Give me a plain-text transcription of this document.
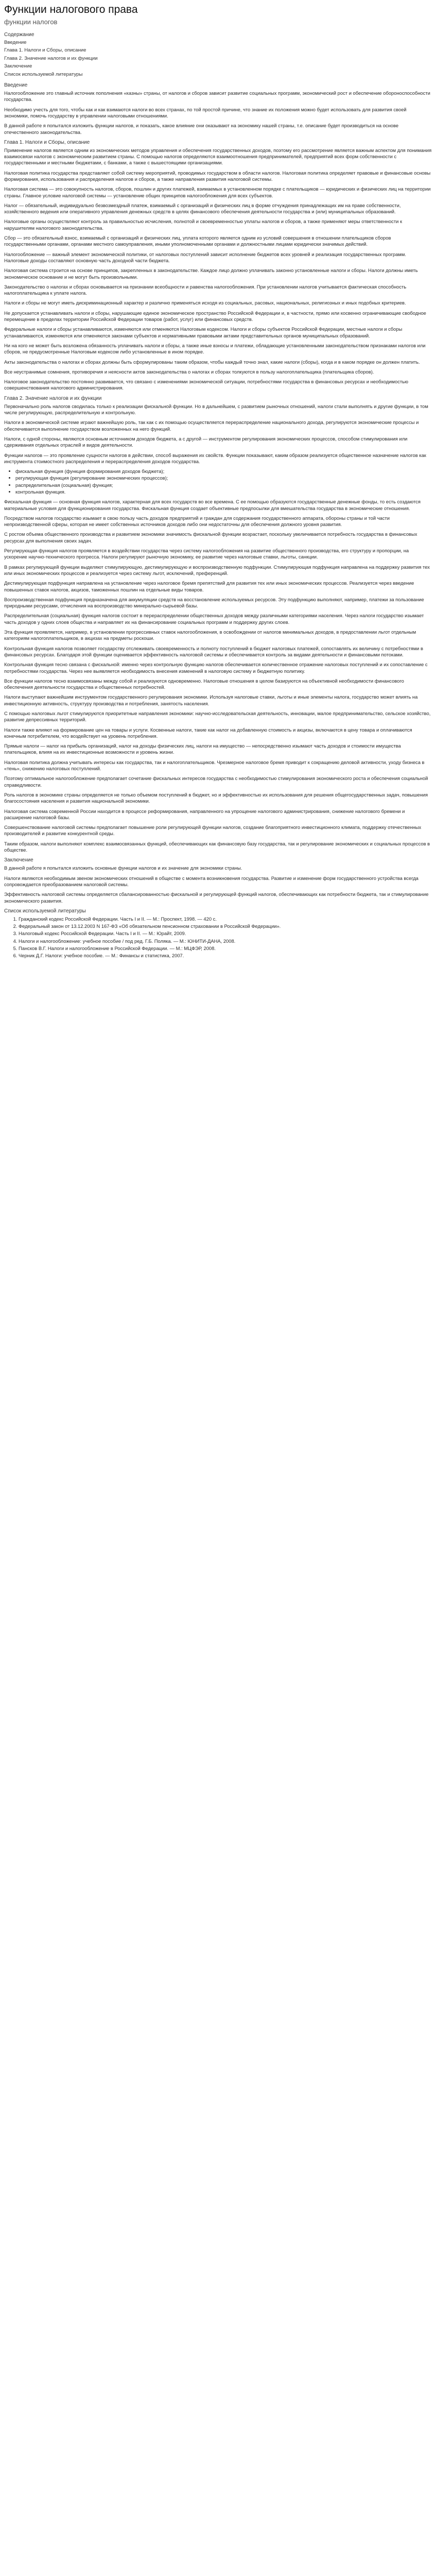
Функции налогового права
функции налогов
Содержание
Введение
Глава 1. Налоги и Сборы, описание
Глава 2. Значение налогов и их функции
Заключение
Список используемой литературы
Введение

Налогообложение это главный источник пополнения «казны» страны, от налогов и сборов зависит развитие социальных программ, экономический рост и обеспечение обороноспособности государства.

Необходимо учесть для того, чтобы как и как взимаются налоги во всех странах, по той простой причине, что знание их положения можно будет использовать для развития своей экономики, помочь государству в управлении налоговыми отношениями.

В данной работе я попытался изложить функции налогов, и показать, какое влияние они оказывают на экономику нашей страны, т.е. описание будет производиться на основе отечественного законодательства.

Глава 1. Налоги и Сборы, описание

Применение налогов является одним из экономических методов управления и обеспечения государственных доходов, поэтому его рассмотрение является важным аспектом для понимания взаимосвязи налогов с экономическим развитием страны. С помощью налогов определяются взаимоотношения предпринимателей, предприятий всех форм собственности с государственными и местными бюджетами, с банками, а также с вышестоящими организациями.

Налоговая политика государства представляет собой систему мероприятий, проводимых государством в области налогов. Налоговая политика определяет правовые и финансовые основы формирования, использования и распределения налогов и сборов, а также направления развития налоговой системы.

Налоговая система — это совокупность налогов, сборов, пошлин и других платежей, взимаемых в установленном порядке с плательщиков — юридических и физических лиц на территории страны. Главное условие налоговой системы — установление общих принципов налогообложения для всех субъектов.

Налог — обязательный, индивидуально безвозмездный платеж, взимаемый с организаций и физических лиц в форме отчуждения принадлежащих им на праве собственности, хозяйственного ведения или оперативного управления денежных средств в целях финансового обеспечения деятельности государства и (или) муниципальных образований.

Налоговые органы осуществляют контроль за правильностью исчисления, полнотой и своевременностью уплаты налогов и сборов, а также применяют меры ответственности к нарушителям налогового законодательства.

Сбор — это обязательный взнос, взимаемый с организаций и физических лиц, уплата которого является одним из условий совершения в отношении плательщиков сборов государственными органами, органами местного самоуправления, иными уполномоченными органами и должностными лицами юридически значимых действий.

Налогообложение — важный элемент экономической политики, от налоговых поступлений зависит исполнение бюджетов всех уровней и реализация государственных программ. Налоговые доходы составляют основную часть доходной части бюджета.

Налоговая система строится на основе принципов, закрепленных в законодательстве. Каждое лицо должно уплачивать законно установленные налоги и сборы. Налоги должны иметь экономическое основание и не могут быть произвольными.

Законодательство о налогах и сборах основывается на признании всеобщности и равенства налогообложения. При установлении налогов учитывается фактическая способность налогоплательщика к уплате налога.

Налоги и сборы не могут иметь дискриминационный характер и различно применяться исходя из социальных, расовых, национальных, религиозных и иных подобных критериев.

Не допускается устанавливать налоги и сборы, нарушающие единое экономическое пространство Российской Федерации и, в частности, прямо или косвенно ограничивающие свободное перемещение в пределах территории Российской Федерации товаров (работ, услуг) или финансовых средств.

Федеральные налоги и сборы устанавливаются, изменяются или отменяются Налоговым кодексом. Налоги и сборы субъектов Российской Федерации, местные налоги и сборы устанавливаются, изменяются или отменяются законами субъектов и нормативными правовыми актами представительных органов муниципальных образований.

Ни на кого не может быть возложена обязанность уплачивать налоги и сборы, а также иные взносы и платежи, обладающие установленными законодательством признаками налогов или сборов, не предусмотренные Налоговым кодексом либо установленные в ином порядке.

Акты законодательства о налогах и сборах должны быть сформулированы таким образом, чтобы каждый точно знал, какие налоги (сборы), когда и в каком порядке он должен платить.

Все неустранимые сомнения, противоречия и неясности актов законодательства о налогах и сборах толкуются в пользу налогоплательщика (плательщика сборов).

Налоговое законодательство постоянно развивается, что связано с изменениями экономической ситуации, потребностями государства в финансовых ресурсах и необходимостью совершенствования налогового администрирования.

Глава 2. Значение налогов и их функции

Первоначально роль налогов сводилась только к реализации фискальной функции. Но в дальнейшем, с развитием рыночных отношений, налоги стали выполнять и другие функции, в том числе регулирующую, распределительную и контрольную.

Налоги в экономической системе играют важнейшую роль, так как с их помощью осуществляется перераспределение национального дохода, регулируются экономические процессы и обеспечивается выполнение государством возложенных на него функций.

Налоги, с одной стороны, являются основным источником доходов бюджета, а с другой — инструментом регулирования экономических процессов, способом стимулирования или сдерживания отдельных отраслей и видов деятельности.

Функции налогов — это проявление сущности налогов в действии, способ выражения их свойств. Функции показывают, каким образом реализуется общественное назначение налогов как инструмента стоимостного распределения и перераспределения доходов государства.

• фискальная функция (функция формирования доходов бюджета);
• регулирующая функция (регулирование экономических процессов);
• распределительная (социальная) функция;
• контрольная функция.

Фискальная функция — основная функция налогов, характерная для всех государств во все времена. С ее помощью образуются государственные денежные фонды, то есть создаются материальные условия для функционирования государства. Фискальная функция создает объективные предпосылки для вмешательства государства в экономические отношения.

Посредством налогов государство изымает в свою пользу часть доходов предприятий и граждан для содержания государственного аппарата, обороны страны и той части непроизводственной сферы, которая не имеет собственных источников доходов либо они недостаточны для обеспечения должного уровня развития.

С ростом объема общественного производства и развитием экономики значимость фискальной функции возрастает, поскольку увеличивается потребность государства в финансовых ресурсах для выполнения своих задач.

Регулирующая функция налогов проявляется в воздействии государства через систему налогообложения на развитие общественного производства, его структуру и пропорции, на ускорение научно-технического прогресса. Налоги регулируют рыночную экономику, ее развитие через налоговые ставки, льготы, санкции.

В рамках регулирующей функции выделяют стимулирующую, дестимулирующую и воспроизводственную подфункции. Стимулирующая подфункция направлена на поддержку развития тех или иных экономических процессов и реализуется через систему льгот, исключений, преференций.

Дестимулирующая подфункция направлена на установление через налоговое бремя препятствий для развития тех или иных экономических процессов. Реализуется через введение повышенных ставок налогов, акцизов, таможенных пошлин на отдельные виды товаров.

Воспроизводственная подфункция предназначена для аккумуляции средств на восстановление используемых ресурсов. Эту подфункцию выполняют, например, платежи за пользование природными ресурсами, отчисления на воспроизводство минерально-сырьевой базы.

Распределительная (социальная) функция налогов состоит в перераспределении общественных доходов между различными категориями населения. Через налоги государство изымает часть доходов у одних слоев общества и направляет их на финансирование социальных программ и поддержку других слоев.

Эта функция проявляется, например, в установлении прогрессивных ставок налогообложения, в освобождении от налогов минимальных доходов, в предоставлении льгот отдельным категориям налогоплательщиков, в акцизах на предметы роскоши.

Контрольная функция налогов позволяет государству отслеживать своевременность и полноту поступлений в бюджет налоговых платежей, сопоставлять их величину с потребностями в финансовых ресурсах. Благодаря этой функции оценивается эффективность налоговой системы и обеспечивается контроль за видами деятельности и финансовыми потоками.

Контрольная функция тесно связана с фискальной: именно через контрольную функцию налогов обеспечивается количественное отражение налоговых поступлений и их сопоставление с потребностями государства. Через нее выявляется необходимость внесения изменений в налоговую систему и бюджетную политику.

Все функции налогов тесно взаимосвязаны между собой и реализуются одновременно. Налоговые отношения в целом базируются на объективной необходимости финансового обеспечения деятельности государства и общественных потребностей.

Налоги выступают важнейшим инструментом государственного регулирования экономики. Используя налоговые ставки, льготы и иные элементы налога, государство может влиять на инвестиционную активность, структуру производства и потребления, занятость населения.

С помощью налоговых льгот стимулируются приоритетные направления экономики: научно-исследовательская деятельность, инновации, малое предпринимательство, сельское хозяйство, развитие депрессивных территорий.

Налоги также влияют на формирование цен на товары и услуги. Косвенные налоги, такие как налог на добавленную стоимость и акцизы, включаются в цену товара и оплачиваются конечным потребителем, что воздействует на уровень потребления.

Прямые налоги — налог на прибыль организаций, налог на доходы физических лиц, налоги на имущество — непосредственно изымают часть доходов и стоимости имущества плательщиков, влияя на их инвестиционные возможности и уровень жизни.

Налоговая политика должна учитывать интересы как государства, так и налогоплательщиков. Чрезмерное налоговое бремя приводит к сокращению деловой активности, уходу бизнеса в «тень», снижению налоговых поступлений.

Поэтому оптимальное налогообложение предполагает сочетание фискальных интересов государства с необходимостью стимулирования экономического роста и обеспечения социальной справедливости.

Роль налогов в экономике страны определяется не только объемом поступлений в бюджет, но и эффективностью их использования для решения общегосударственных задач, повышения благосостояния населения и развития национальной экономики.

Налоговая система современной России находится в процессе реформирования, направленного на упрощение налогового администрирования, снижение налогового бремени и расширение налоговой базы.

Совершенствование налоговой системы предполагает повышение роли регулирующей функции налогов, создание благоприятного инвестиционного климата, поддержку отечественных производителей и развитие конкурентной среды.

Таким образом, налоги выполняют комплекс взаимосвязанных функций, обеспечивающих как финансовую базу государства, так и регулирование экономических и социальных процессов в обществе.

Заключение

В данной работе я попытался изложить основные функции налогов и их значение для экономики страны.

Налоги являются необходимым звеном экономических отношений в обществе с момента возникновения государства. Развитие и изменение форм государственного устройства всегда сопровождается преобразованием налоговой системы.

Эффективность налоговой системы определяется сбалансированностью фискальной и регулирующей функций налогов, обеспечивающих как потребности бюджета, так и стимулирование экономического развития.

Список используемой литературы
1. Гражданский кодекс Российской Федерации. Часть I и II. — М.: Проспект, 1998. — 420 с.
2. Федеральный закон от 13.12.2003 N 167-ФЗ «Об обязательном пенсионном страховании в Российской Федерации».
3. Налоговый кодекс Российской Федерации. Часть I и II. — М.: Юрайт, 2009.
4. Налоги и налогообложение: учебное пособие / под ред. Г.Б. Поляка. — М.: ЮНИТИ-ДАНА, 2008.
5. Пансков В.Г. Налоги и налогообложение в Российской Федерации. — М.: МЦФЭР, 2008.
6. Черник Д.Г. Налоги: учебное пособие. — М.: Финансы и статистика, 2007.
